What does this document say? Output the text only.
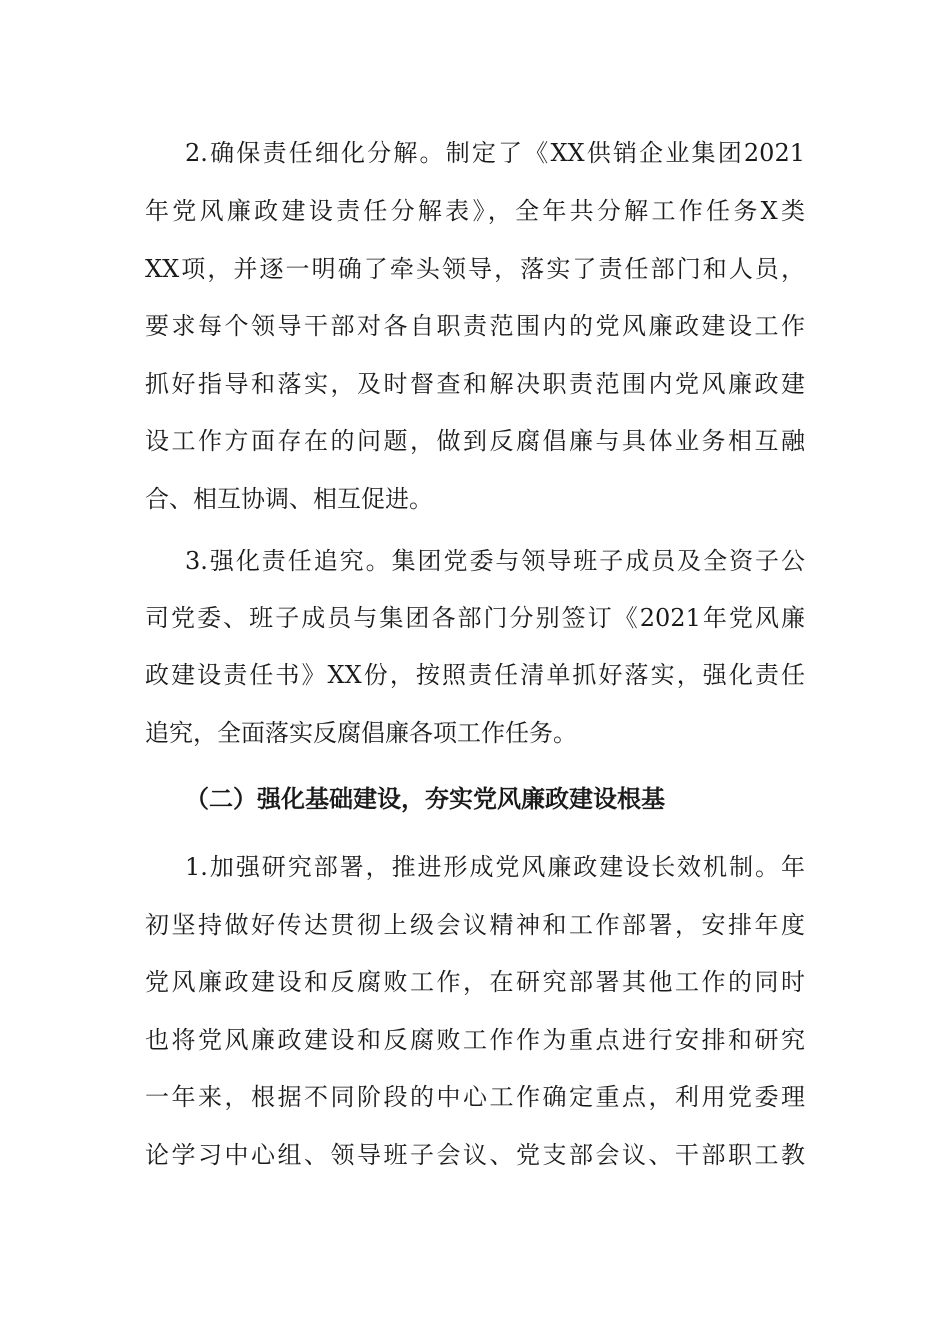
2.确保责任细化分解。制定了《XX供销企业集团2021
年党风廉政建设责任分解表》，全年共分解工作任务X类
XX项，并逐一明确了牵头领导，落实了责任部门和人员，
要求每个领导干部对各自职责范围内的党风廉政建设工作
抓好指导和落实，及时督查和解决职责范围内党风廉政建
设工作方面存在的问题，做到反腐倡廉与具体业务相互融
合、相互协调、相互促进。
3.强化责任追究。集团党委与领导班子成员及全资子公
司党委、班子成员与集团各部门分别签订《2021年党风廉
政建设责任书》XX份，按照责任清单抓好落实，强化责任
追究，全面落实反腐倡廉各项工作任务。
（二）强化基础建设，夯实党风廉政建设根基
1.加强研究部署，推进形成党风廉政建设长效机制。年
初坚持做好传达贯彻上级会议精神和工作部署，安排年度
党风廉政建设和反腐败工作，在研究部署其他工作的同时
也将党风廉政建设和反腐败工作作为重点进行安排和研究
一年来，根据不同阶段的中心工作确定重点，利用党委理
论学习中心组、领导班子会议、党支部会议、干部职工教
